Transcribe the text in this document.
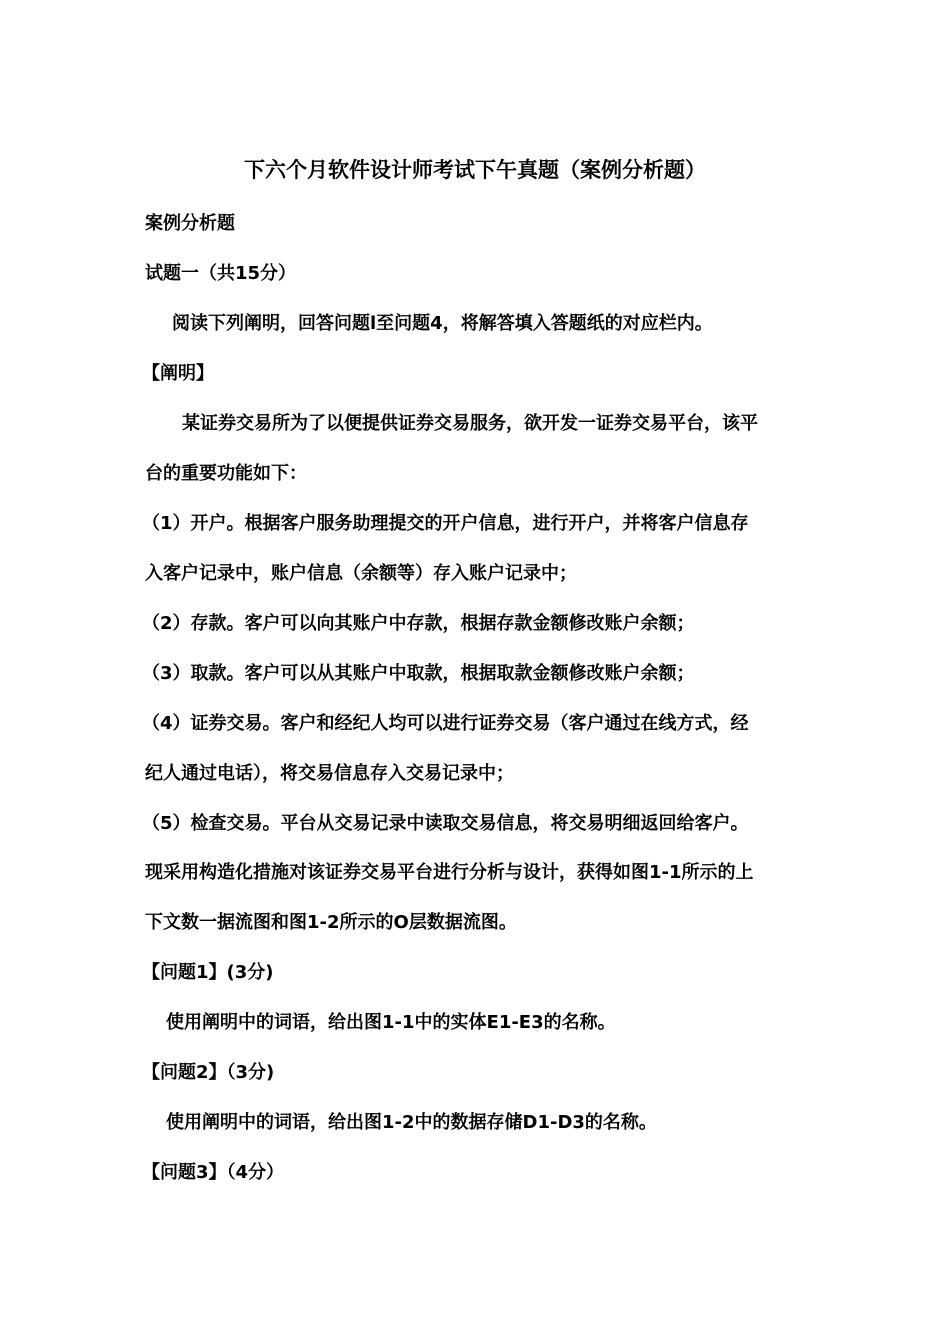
下六个月软件设计师考试下午真题（案例分析题）
案例分析题
试题一（共15分）
阅读下列阐明，回答问题l至问题4，将解答填入答题纸的对应栏内。
【阐明】
某证券交易所为了以便提供证券交易服务，欲开发一证券交易平台，该平
台的重要功能如下：
（1）开户。根据客户服务助理提交的开户信息，进行开户，并将客户信息存
入客户记录中，账户信息（余额等）存入账户记录中；
（2）存款。客户可以向其账户中存款，根据存款金额修改账户余额；
（3）取款。客户可以从其账户中取款，根据取款金额修改账户余额；
（4）证券交易。客户和经纪人均可以进行证券交易（客户通过在线方式，经
纪人通过电话），将交易信息存入交易记录中；
（5）检查交易。平台从交易记录中读取交易信息，将交易明细返回给客户。
现采用构造化措施对该证券交易平台进行分析与设计，获得如图1-1所示的上
下文数一据流图和图1-2所示的O层数据流图。
【问题1】(3分)
使用阐明中的词语，给出图1-1中的实体E1-E3的名称。
【问题2】（3分)
使用阐明中的词语，给出图1-2中的数据存储D1-D3的名称。
【问题3】（4分）
